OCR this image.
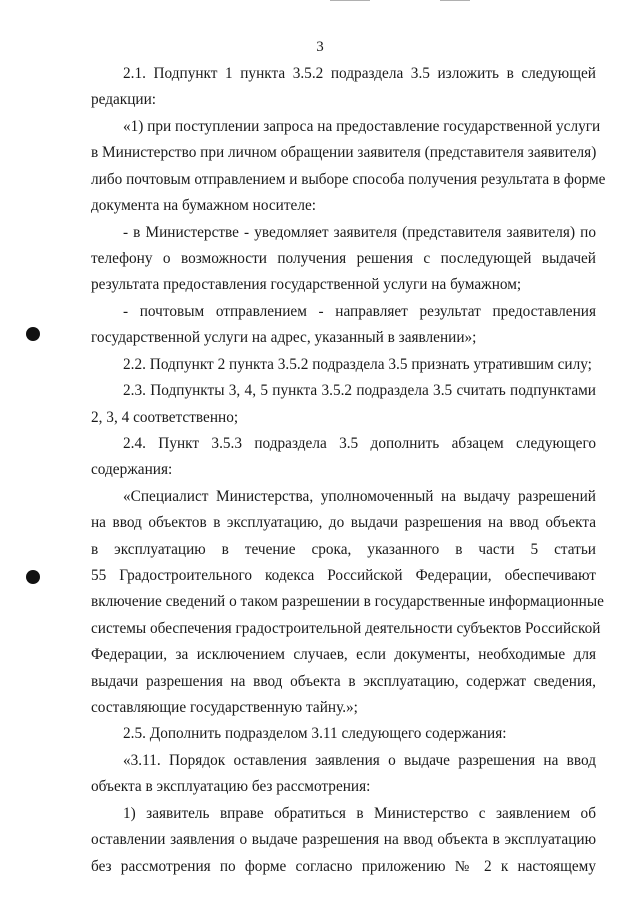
3
2.1. Подпункт 1 пункта 3.5.2 подраздела 3.5 изложить в следующей
редакции:
«1) при поступлении запроса на предоставление государственной услуги
в Министерство при личном обращении заявителя (представителя заявителя)
либо почтовым отправлением и выборе способа получения результата в форме
документа на бумажном носителе:
- в Министерстве - уведомляет заявителя (представителя заявителя) по
телефону о возможности получения решения с последующей выдачей
результата предоставления государственной услуги на бумажном;
- почтовым отправлением - направляет результат предоставления
государственной услуги на адрес, указанный в заявлении»;
2.2. Подпункт 2 пункта 3.5.2 подраздела 3.5 признать утратившим силу;
2.3. Подпункты 3, 4, 5 пункта 3.5.2 подраздела 3.5 считать подпунктами
2, 3, 4 соответственно;
2.4. Пункт 3.5.3 подраздела 3.5 дополнить абзацем следующего
содержания:
«Специалист Министерства, уполномоченный на выдачу разрешений
на ввод объектов в эксплуатацию, до выдачи разрешения на ввод объекта
в эксплуатацию в течение срока, указанного в части 5 статьи
55 Градостроительного кодекса Российской Федерации, обеспечивают
включение сведений о таком разрешении в государственные информационные
системы обеспечения градостроительной деятельности субъектов Российской
Федерации, за исключением случаев, если документы, необходимые для
выдачи разрешения на ввод объекта в эксплуатацию, содержат сведения,
составляющие государственную тайну.»;
2.5. Дополнить подразделом 3.11 следующего содержания:
«3.11. Порядок оставления заявления о выдаче разрешения на ввод
объекта в эксплуатацию без рассмотрения:
1) заявитель вправе обратиться в Министерство с заявлением об
оставлении заявления о выдаче разрешения на ввод объекта в эксплуатацию
без рассмотрения по форме согласно приложению № 2 к настоящему
